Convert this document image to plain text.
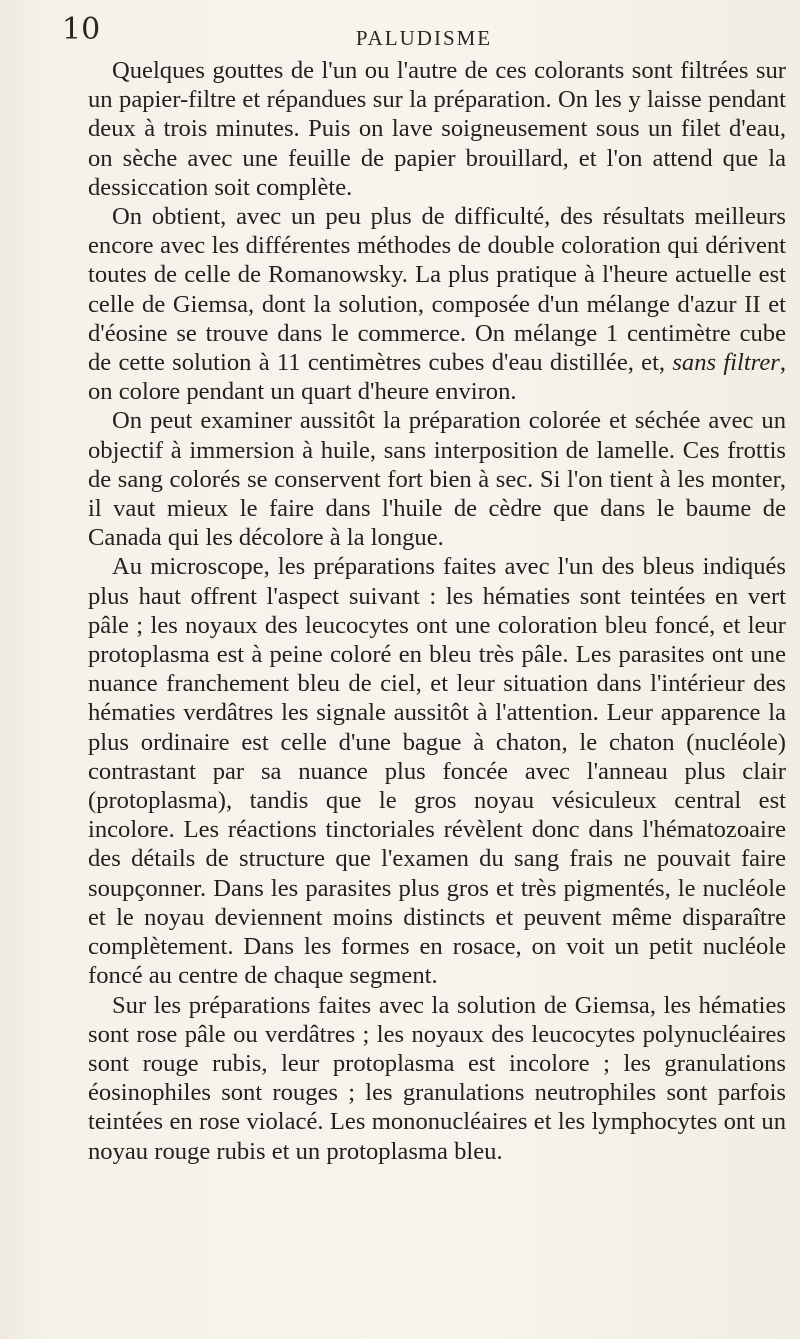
10	PALUDISME

Quelques gouttes de l'un ou l'autre de ces colorants sont filtrées sur un papier-filtre et répandues sur la préparation. On les y laisse pendant deux à trois minutes. Puis on lave soigneusement sous un filet d'eau, on sèche avec une feuille de papier brouillard, et l'on attend que la dessiccation soit complète.

On obtient, avec un peu plus de difficulté, des résultats meilleurs encore avec les différentes méthodes de double coloration qui dérivent toutes de celle de Romanowsky. La plus pratique à l'heure actuelle est celle de Giemsa, dont la solution, composée d'un mélange d'azur II et d'éosine se trouve dans le commerce. On mélange 1 centimètre cube de cette solution à 11 centimètres cubes d'eau distillée, et, sans filtrer, on colore pendant un quart d'heure environ.

On peut examiner aussitôt la préparation colorée et séchée avec un objectif à immersion à huile, sans interposition de lamelle. Ces frottis de sang colorés se conservent fort bien à sec. Si l'on tient à les monter, il vaut mieux le faire dans l'huile de cèdre que dans le baume de Canada qui les décolore à la longue.

Au microscope, les préparations faites avec l'un des bleus indiqués plus haut offrent l'aspect suivant : les hématies sont teintées en vert pâle ; les noyaux des leucocytes ont une coloration bleu foncé, et leur protoplasma est à peine coloré en bleu très pâle. Les parasites ont une nuance franchement bleu de ciel, et leur situation dans l'intérieur des hématies verdâtres les signale aussitôt à l'attention. Leur apparence la plus ordinaire est celle d'une bague à chaton, le chaton (nucléole) contrastant par sa nuance plus foncée avec l'anneau plus clair (protoplasma), tandis que le gros noyau vésiculeux central est incolore. Les réactions tinctoriales révèlent donc dans l'hématozoaire des détails de structure que l'examen du sang frais ne pouvait faire soupçonner. Dans les parasites plus gros et très pigmentés, le nucléole et le noyau deviennent moins distincts et peuvent même disparaître complètement. Dans les formes en rosace, on voit un petit nucléole foncé au centre de chaque segment.

Sur les préparations faites avec la solution de Giemsa, les hématies sont rose pâle ou verdâtres ; les noyaux des leucocytes polynucléaires sont rouge rubis, leur protoplasma est incolore ; les granulations éosinophiles sont rouges ; les granulations neutrophiles sont parfois teintées en rose violacé. Les mononucléaires et les lymphocytes ont un noyau rouge rubis et un protoplasma bleu.
